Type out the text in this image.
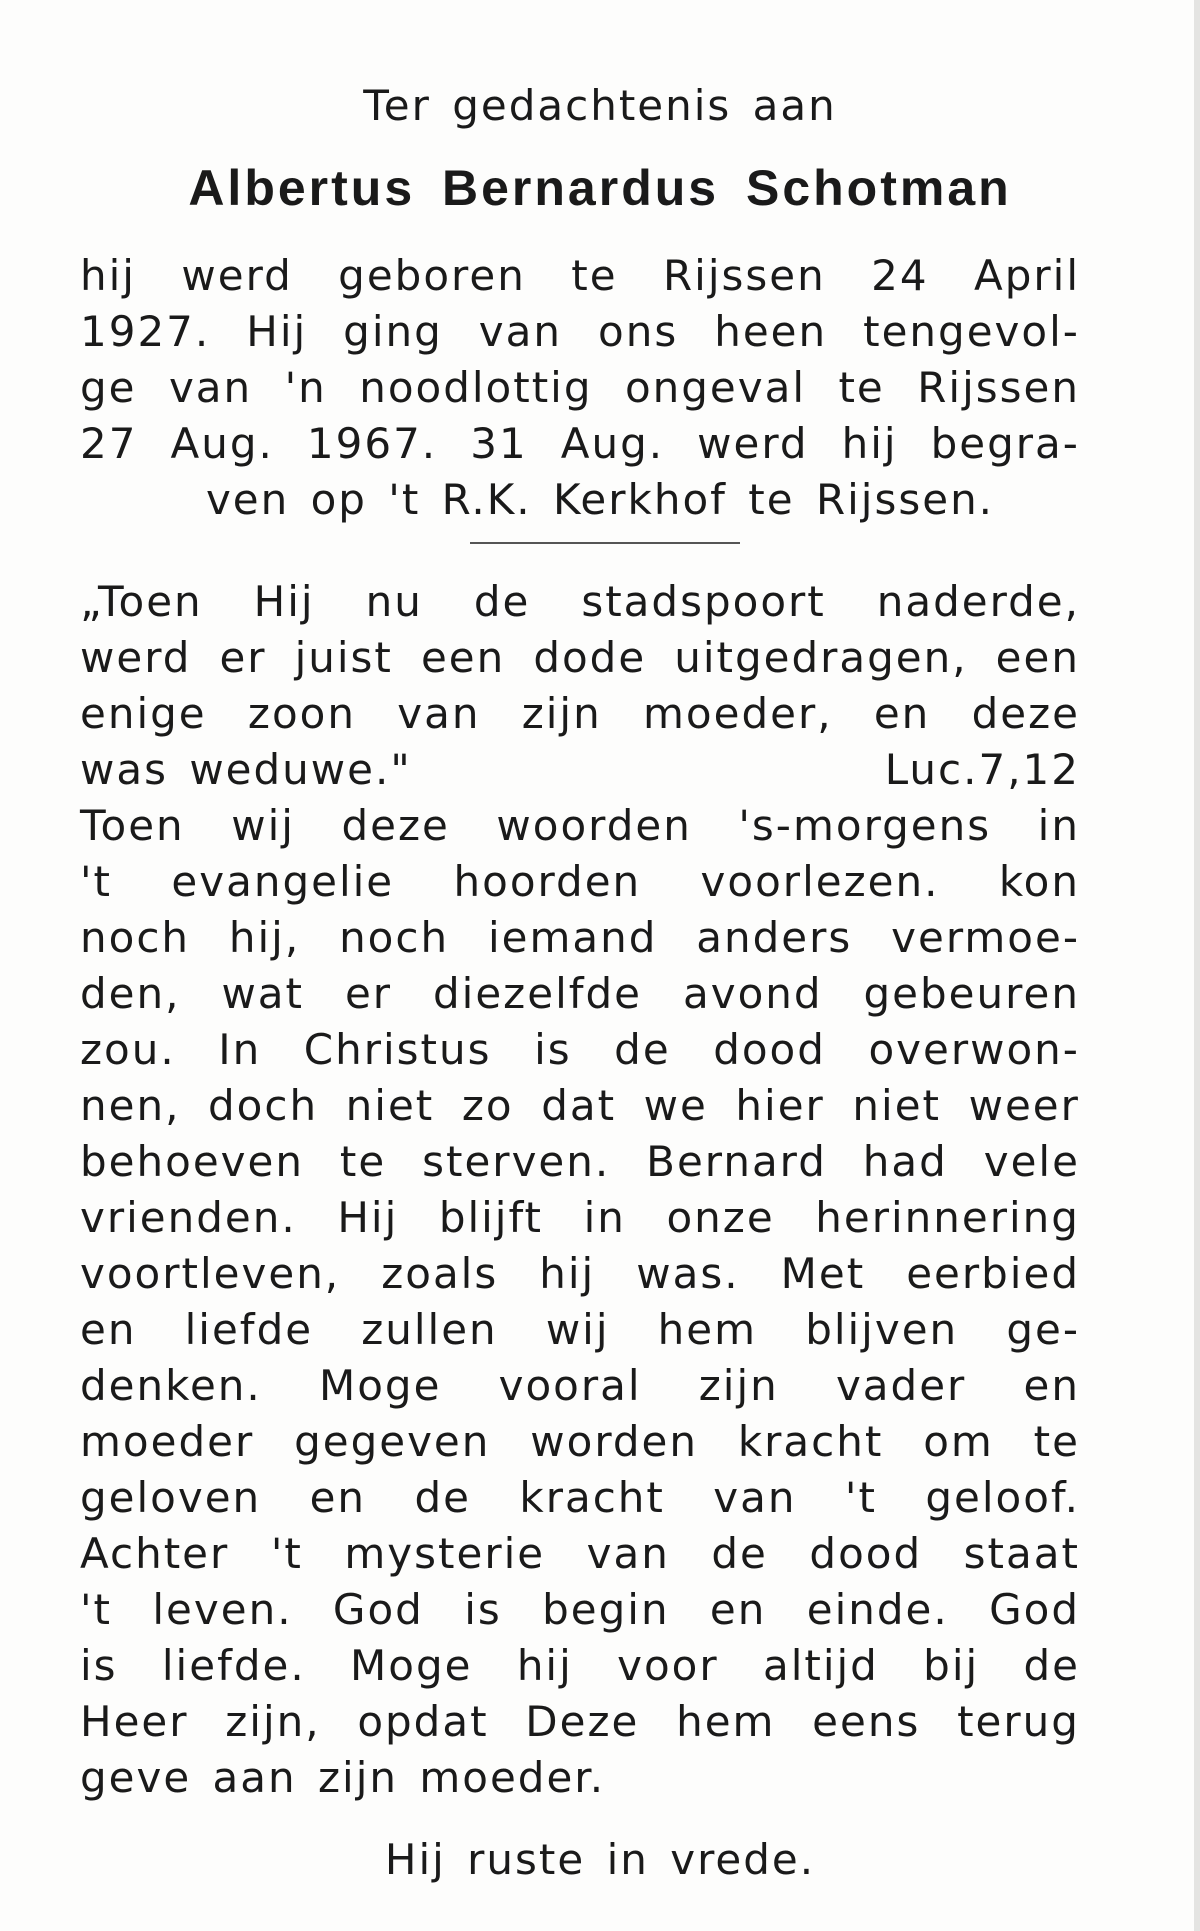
Ter gedachtenis aan

Albertus Bernardus Schotman

hij werd geboren te Rijssen 24 April

1927. Hij ging van ons heen tengevol-

ge van 'n noodlottig ongeval te Rijssen

27 Aug. 1967. 31 Aug. werd hij begra-

ven op 't R.K. Kerkhof te Rijssen.

„Toen Hij nu de stadspoort naderde,

werd er juist een dode uitgedragen, een

enige zoon van zijn moeder, en deze

was weduwe."	Luc.7,12

Toen wij deze woorden 's-morgens in

't evangelie hoorden voorlezen. kon

noch hij, noch iemand anders vermoe-

den, wat er diezelfde avond gebeuren

zou. In Christus is de dood overwon-

nen, doch niet zo dat we hier niet weer

behoeven te sterven. Bernard had vele

vrienden. Hij blijft in onze herinnering

voortleven, zoals hij was. Met eerbied

en liefde zullen wij hem blijven ge-

denken. Moge vooral zijn vader en

moeder gegeven worden kracht om te

geloven en de kracht van 't geloof.

Achter 't mysterie van de dood staat

't leven. God is begin en einde. God

is liefde. Moge hij voor altijd bij de

Heer zijn, opdat Deze hem eens terug

geve aan zijn moeder.

Hij ruste in vrede.
